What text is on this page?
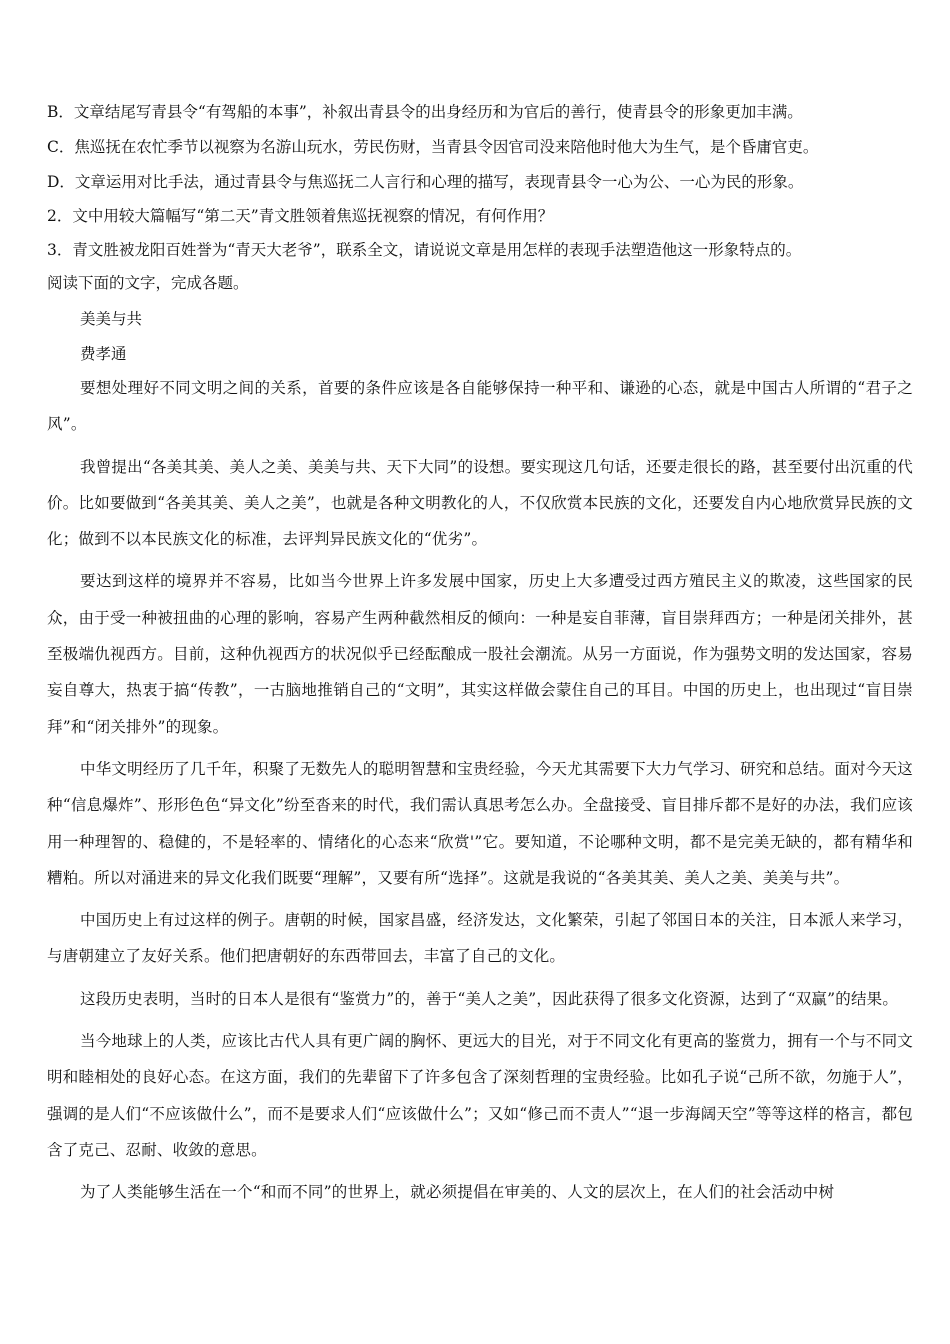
B．文章结尾写青县令“有驾船的本事”，补叙出青县令的出身经历和为官后的善行，使青县令的形象更加丰满。
C．焦巡抚在农忙季节以视察为名游山玩水，劳民伤财，当青县令因官司没来陪他时他大为生气，是个昏庸官吏。
D．文章运用对比手法，通过青县令与焦巡抚二人言行和心理的描写，表现青县令一心为公、一心为民的形象。
2．文中用较大篇幅写“第二天”青文胜领着焦巡抚视察的情况，有何作用？
3．青文胜被龙阳百姓誉为“青天大老爷”，联系全文，请说说文章是用怎样的表现手法塑造他这一形象特点的。
阅读下面的文字，完成各题。
美美与共
费孝通

要想处理好不同文明之间的关系，首要的条件应该是各自能够保持一种平和、谦逊的心态，就是中国古人所谓的“君子之风”。

我曾提出“各美其美、美人之美、美美与共、天下大同”的设想。要实现这几句话，还要走很长的路，甚至要付出沉重的代价。比如要做到“各美其美、美人之美”，也就是各种文明教化的人，不仅欣赏本民族的文化，还要发自内心地欣赏异民族的文化；做到不以本民族文化的标准，去评判异民族文化的“优劣”。

要达到这样的境界并不容易，比如当今世界上许多发展中国家，历史上大多遭受过西方殖民主义的欺凌，这些国家的民众，由于受一种被扭曲的心理的影响，容易产生两种截然相反的倾向：一种是妄自菲薄，盲目崇拜西方；一种是闭关排外，甚至极端仇视西方。目前，这种仇视西方的状况似乎已经酝酿成一股社会潮流。从另一方面说，作为强势文明的发达国家，容易妄自尊大，热衷于搞“传教”，一古脑地推销自己的“文明”，其实这样做会蒙住自己的耳目。中国的历史上，也出现过“盲目崇拜”和“闭关排外”的现象。

中华文明经历了几千年，积聚了无数先人的聪明智慧和宝贵经验，今天尤其需要下大力气学习、研究和总结。面对今天这种“信息爆炸”、形形色色“异文化”纷至沓来的时代，我们需认真思考怎么办。全盘接受、盲目排斥都不是好的办法，我们应该用一种理智的、稳健的，不是轻率的、情绪化的心态来“欣赏'”它。要知道，不论哪种文明，都不是完美无缺的，都有精华和糟粕。所以对涌进来的异文化我们既要“理解”，又要有所“选择”。这就是我说的“各美其美、美人之美、美美与共”。

中国历史上有过这样的例子。唐朝的时候，国家昌盛，经济发达，文化繁荣，引起了邻国日本的关注，日本派人来学习，与唐朝建立了友好关系。他们把唐朝好的东西带回去，丰富了自己的文化。

这段历史表明，当时的日本人是很有“鉴赏力”的，善于“美人之美”，因此获得了很多文化资源，达到了“双赢”的结果。

当今地球上的人类，应该比古代人具有更广阔的胸怀、更远大的目光，对于不同文化有更高的鉴赏力，拥有一个与不同文明和睦相处的良好心态。在这方面，我们的先辈留下了许多包含了深刻哲理的宝贵经验。比如孔子说“己所不欲，勿施于人”，强调的是人们“不应该做什么”，而不是要求人们“应该做什么”；又如“修己而不责人”“退一步海阔天空”等等这样的格言，都包含了克己、忍耐、收敛的意思。

为了人类能够生活在一个“和而不同”的世界上，就必须提倡在审美的、人文的层次上，在人们的社会活动中树
